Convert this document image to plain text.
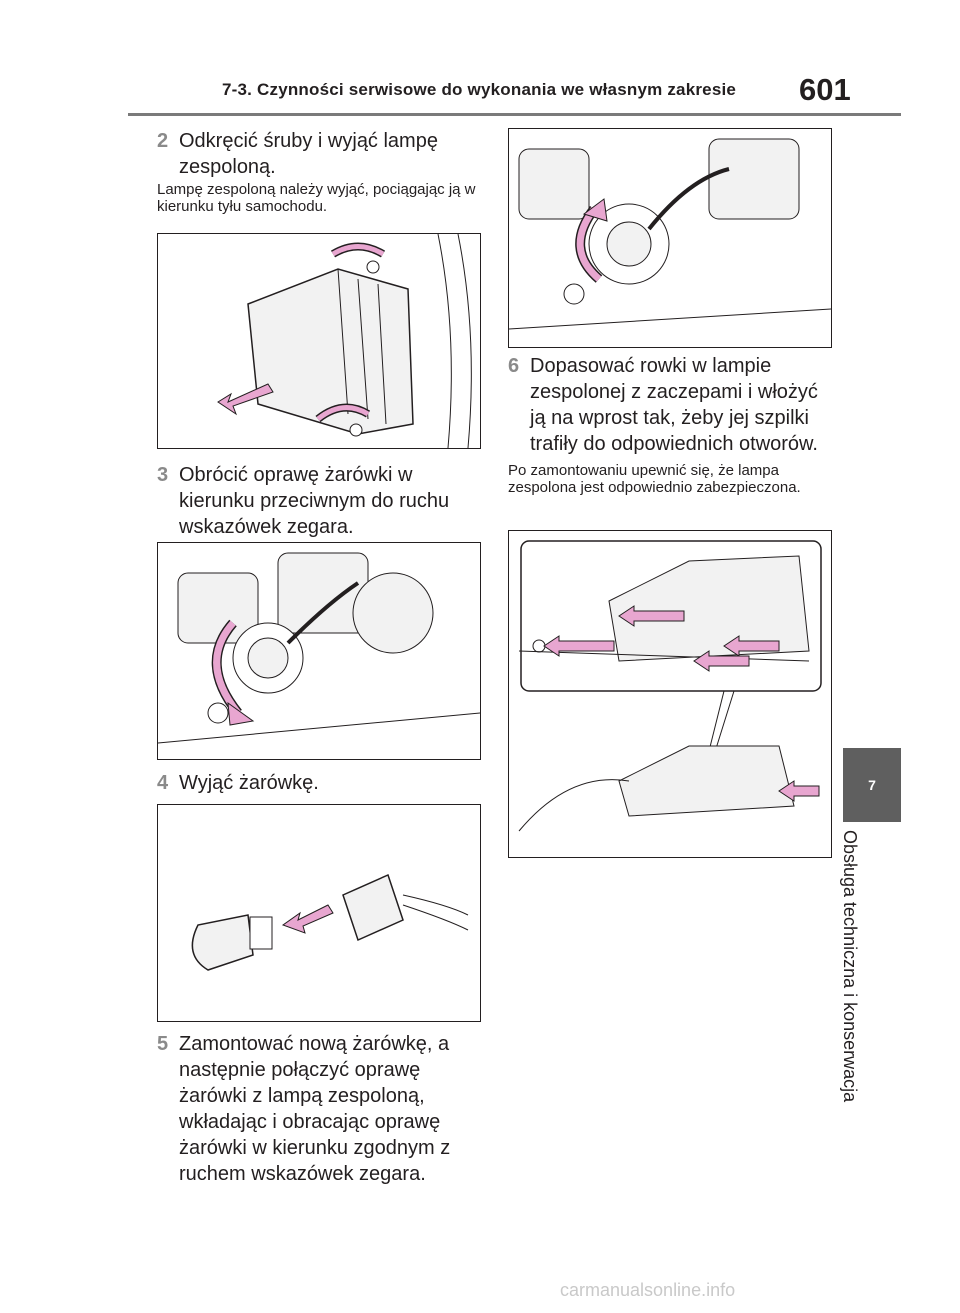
7-3. Czynności serwisowe do wykonania we własnym zakresie 601
7
Obsługa techniczna i konserwacja
2 Odkręcić śruby i wyjąć lampę zespoloną.
Lampę zespoloną należy wyjąć, pociągając ją w kierunku tyłu samochodu.
3 Obrócić oprawę żarówki w kierunku przeciwnym do ruchu wskazówek zegara.
4 Wyjąć żarówkę.
5 Zamontować nową żarówkę, a następnie połączyć oprawę żarówki z lampą zespoloną, wkładając i obracając oprawę żarówki w kierunku zgodnym z ruchem wskazówek zegara.
6 Dopasować rowki w lampie zespolonej z zaczepami i włożyć ją na wprost tak, żeby jej szpilki trafiły do odpowiednich otworów.
Po zamontowaniu upewnić się, że lampa zespolona jest odpowiednio zabezpieczona.
carmanualsonline.info
